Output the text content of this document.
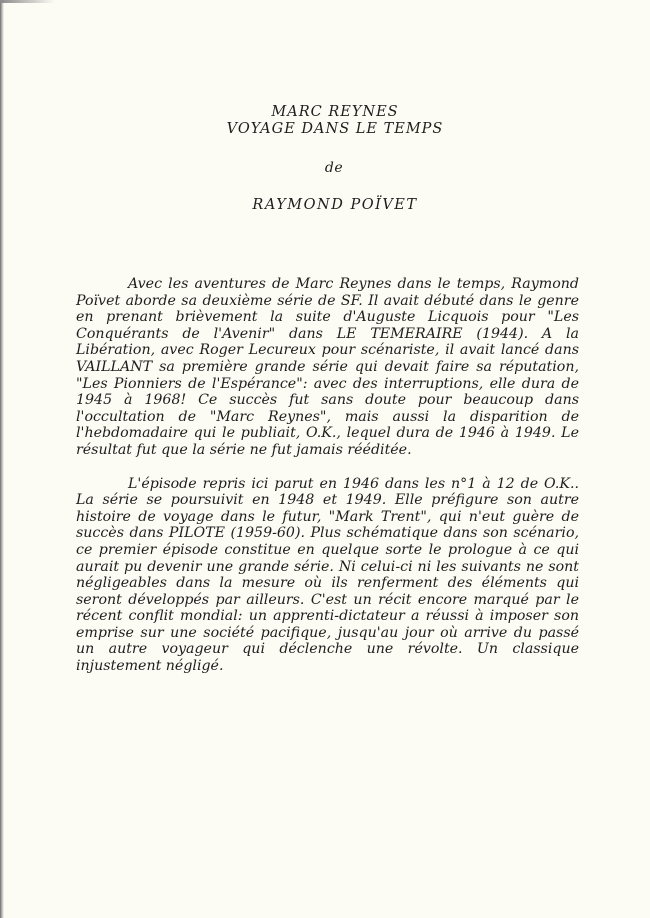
MARC REYNES
VOYAGE DANS LE TEMPS
de
RAYMOND POÏVET

Avec les aventures de Marc Reynes dans le temps, Raymond Poïvet aborde sa deuxième série de SF. Il avait débuté dans le genre en prenant brièvement la suite d'Auguste Licquois pour "Les Conquérants de l'Avenir" dans LE TEMERAIRE (1944). A la Libération, avec Roger Lecureux pour scénariste, il avait lancé dans VAILLANT sa première grande série qui devait faire sa réputation, "Les Pionniers de l'Espérance": avec des interruptions, elle dura de 1945 à 1968! Ce succès fut sans doute pour beaucoup dans l'occultation de "Marc Reynes", mais aussi la disparition de l'hebdomadaire qui le publiait, O.K., lequel dura de 1946 à 1949. Le résultat fut que la série ne fut jamais rééditée.

L'épisode repris ici parut en 1946 dans les n°1 à 12 de O.K.. La série se poursuivit en 1948 et 1949. Elle préfigure son autre histoire de voyage dans le futur, "Mark Trent", qui n'eut guère de succès dans PILOTE (1959-60). Plus schématique dans son scénario, ce premier épisode constitue en quelque sorte le prologue à ce qui aurait pu devenir une grande série. Ni celui-ci ni les suivants ne sont négligeables dans la mesure où ils renferment des éléments qui seront développés par ailleurs. C'est un récit encore marqué par le récent conflit mondial: un apprenti-dictateur a réussi à imposer son emprise sur une société pacifique, jusqu'au jour où arrive du passé un autre voyageur qui déclenche une révolte. Un classique injustement négligé.
